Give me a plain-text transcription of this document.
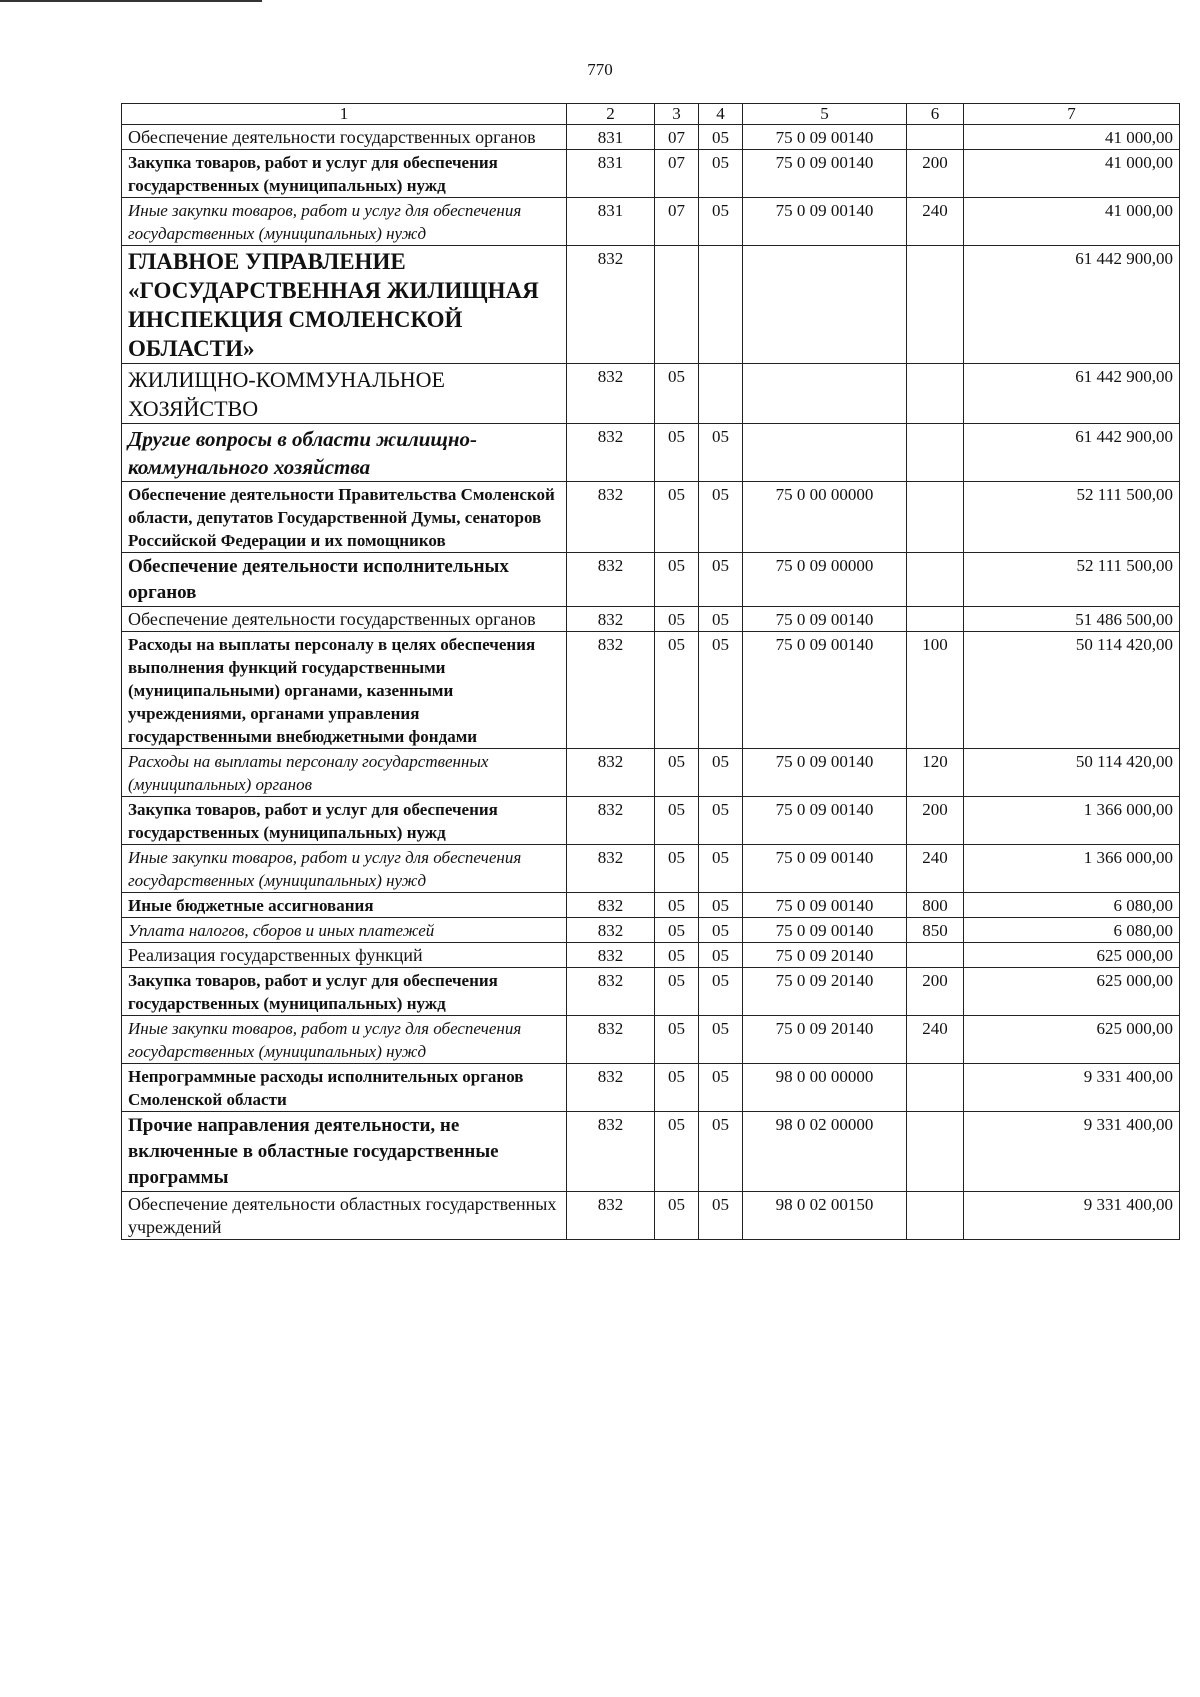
770
1	2	3	4	5	6	7
Обеспечение деятельности государственных органов	831	07	05	75 0 09 00140		41 000,00
Закупка товаров, работ и услуг для обеспечения государственных (муниципальных) нужд	831	07	05	75 0 09 00140	200	41 000,00
Иные закупки товаров, работ и услуг для обеспечения государственных (муниципальных) нужд	831	07	05	75 0 09 00140	240	41 000,00
ГЛАВНОЕ УПРАВЛЕНИЕ «ГОСУДАРСТВЕННАЯ ЖИЛИЩНАЯ ИНСПЕКЦИЯ СМОЛЕНСКОЙ ОБЛАСТИ»	832					61 442 900,00
ЖИЛИЩНО-КОММУНАЛЬНОЕ ХОЗЯЙСТВО	832	05				61 442 900,00
Другие вопросы в области жилищно-коммунального хозяйства	832	05	05			61 442 900,00
Обеспечение деятельности Правительства Смоленской области, депутатов Государственной Думы, сенаторов Российской Федерации и их помощников	832	05	05	75 0 00 00000		52 111 500,00
Обеспечение деятельности исполнительных органов	832	05	05	75 0 09 00000		52 111 500,00
Обеспечение деятельности государственных органов	832	05	05	75 0 09 00140		51 486 500,00
Расходы на выплаты персоналу в целях обеспечения выполнения функций государственными (муниципальными) органами, казенными учреждениями, органами управления государственными внебюджетными фондами	832	05	05	75 0 09 00140	100	50 114 420,00
Расходы на выплаты персоналу государственных (муниципальных) органов	832	05	05	75 0 09 00140	120	50 114 420,00
Закупка товаров, работ и услуг для обеспечения государственных (муниципальных) нужд	832	05	05	75 0 09 00140	200	1 366 000,00
Иные закупки товаров, работ и услуг для обеспечения государственных (муниципальных) нужд	832	05	05	75 0 09 00140	240	1 366 000,00
Иные бюджетные ассигнования	832	05	05	75 0 09 00140	800	6 080,00
Уплата налогов, сборов и иных платежей	832	05	05	75 0 09 00140	850	6 080,00
Реализация государственных функций	832	05	05	75 0 09 20140		625 000,00
Закупка товаров, работ и услуг для обеспечения государственных (муниципальных) нужд	832	05	05	75 0 09 20140	200	625 000,00
Иные закупки товаров, работ и услуг для обеспечения государственных (муниципальных) нужд	832	05	05	75 0 09 20140	240	625 000,00
Непрограммные расходы исполнительных органов Смоленской области	832	05	05	98 0 00 00000		9 331 400,00
Прочие направления деятельности, не включенные в областные государственные программы	832	05	05	98 0 02 00000		9 331 400,00
Обеспечение деятельности областных государственных учреждений	832	05	05	98 0 02 00150		9 331 400,00
